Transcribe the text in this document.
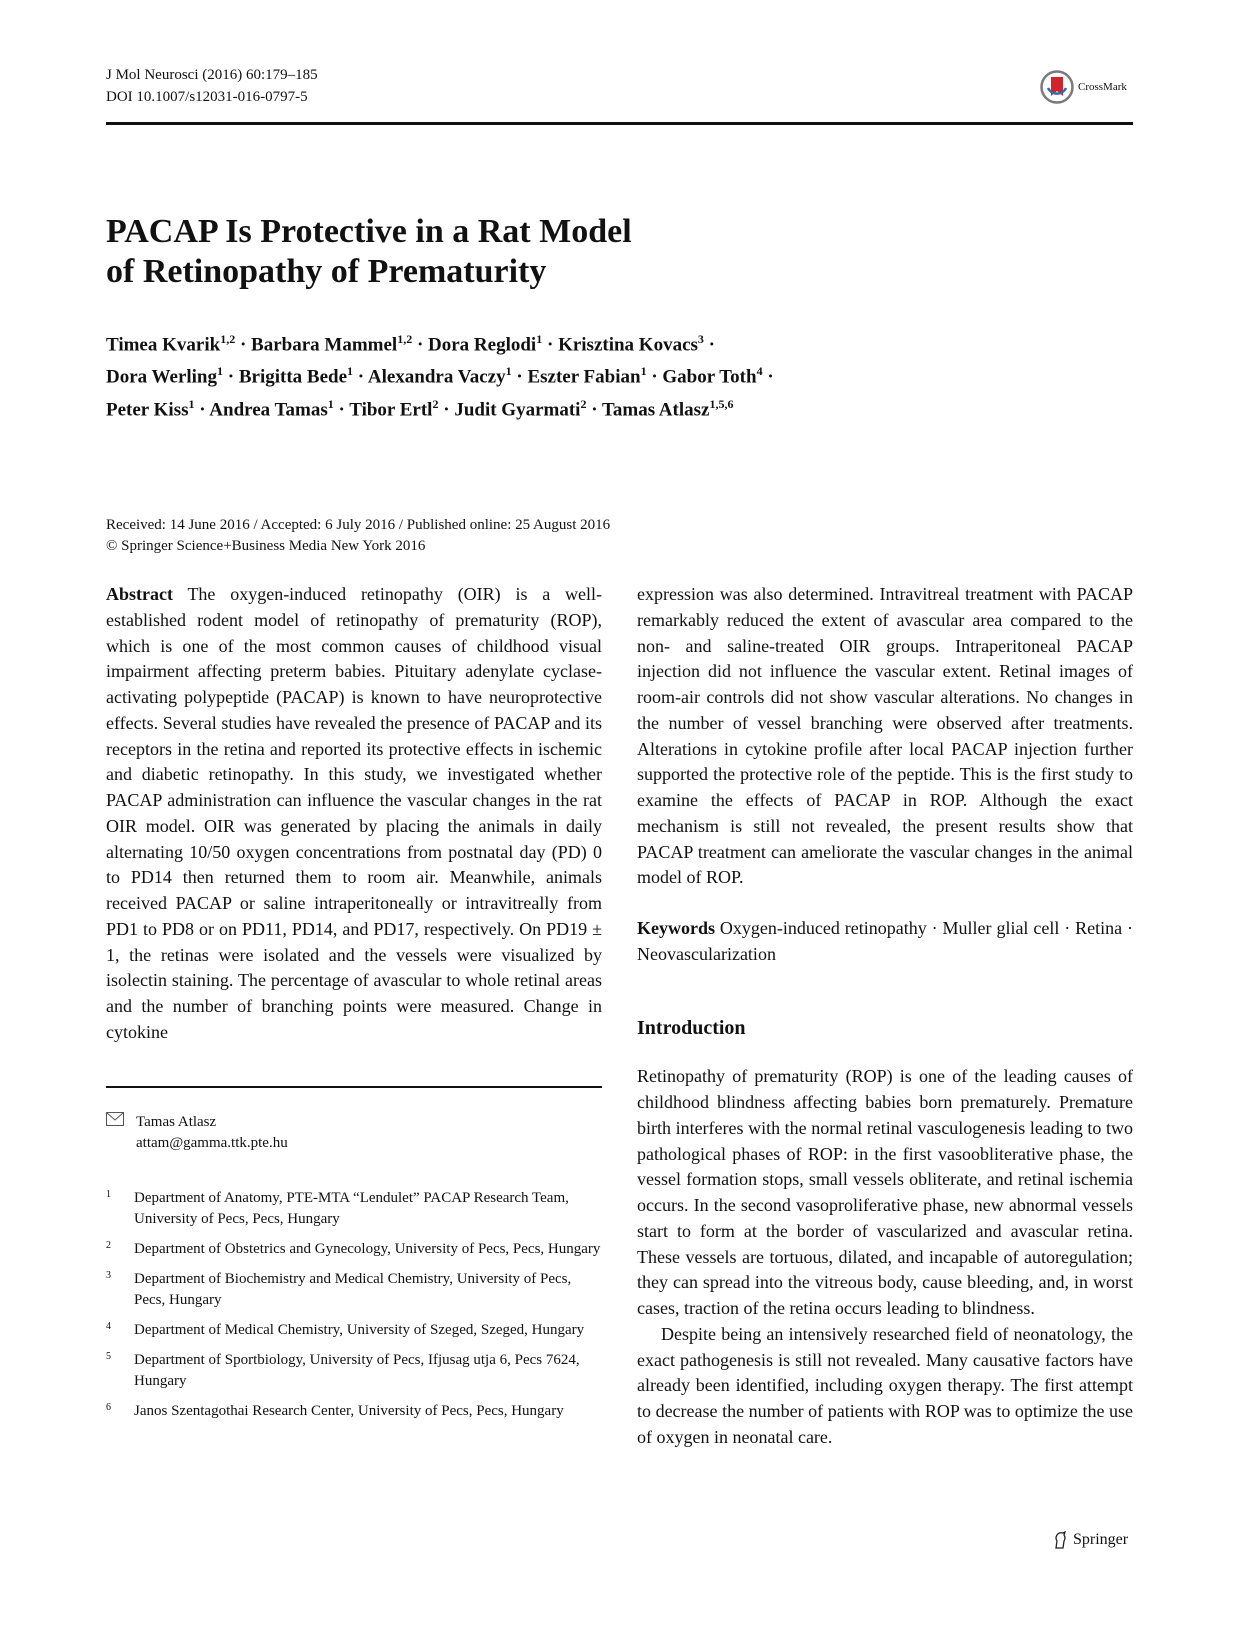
J Mol Neurosci (2016) 60:179–185
DOI 10.1007/s12031-016-0797-5
CrossMark
PACAP Is Protective in a Rat Model
of Retinopathy of Prematurity
Timea Kvarik$^{1,2}$ · Barbara Mammel$^{1,2}$ · Dora Reglodi$^1$ · Krisztina Kovacs$^3$ ·
Dora Werling$^1$ · Brigitta Bede$^1$ · Alexandra Vaczy$^1$ · Eszter Fabian$^1$ · Gabor Toth$^4$ ·
Peter Kiss$^1$ · Andrea Tamas$^1$ · Tibor Ertl$^2$ · Judit Gyarmati$^2$ · Tamas Atlasz$^{1,5,6}$
Received: 14 June 2016 / Accepted: 6 July 2016 / Published online: 25 August 2016
© Springer Science+Business Media New York 2016

Abstract The oxygen-induced retinopathy (OIR) is a well-established rodent model of retinopathy of prematurity (ROP), which is one of the most common causes of childhood visual impairment affecting preterm babies. Pituitary adenylate cyclase-activating polypeptide (PACAP) is known to have neuroprotective effects. Several studies have revealed the presence of PACAP and its receptors in the retina and reported its protective effects in ischemic and diabetic retinopathy. In this study, we investigated whether PACAP administration can influence the vascular changes in the rat OIR model. OIR was generated by placing the animals in daily alternating 10/50 oxygen concentrations from postnatal day (PD) 0 to PD14 then returned them to room air. Meanwhile, animals received PACAP or saline intraperitoneally or intravitreally from PD1 to PD8 or on PD11, PD14, and PD17, respectively. On PD19 ± 1, the retinas were isolated and the vessels were visualized by isolectin staining. The percentage of avascular to whole retinal areas and the number of branching points were measured. Change in cytokine

expression was also determined. Intravitreal treatment with PACAP remarkably reduced the extent of avascular area compared to the non- and saline-treated OIR groups. Intraperitoneal PACAP injection did not influence the vascular extent. Retinal images of room-air controls did not show vascular alterations. No changes in the number of vessel branching were observed after treatments. Alterations in cytokine profile after local PACAP injection further supported the protective role of the peptide. This is the first study to examine the effects of PACAP in ROP. Although the exact mechanism is still not revealed, the present results show that PACAP treatment can ameliorate the vascular changes in the animal model of ROP.

Keywords Oxygen-induced retinopathy · Muller glial cell · Retina · Neovascularization

Introduction

Retinopathy of prematurity (ROP) is one of the leading causes of childhood blindness affecting babies born prematurely. Premature birth interferes with the normal retinal vasculogenesis leading to two pathological phases of ROP: in the first vasoobliterative phase, the vessel formation stops, small vessels obliterate, and retinal ischemia occurs. In the second vasoproliferative phase, new abnormal vessels start to form at the border of vascularized and avascular retina. These vessels are tortuous, dilated, and incapable of autoregulation; they can spread into the vitreous body, cause bleeding, and, in worst cases, traction of the retina occurs leading to blindness.

Despite being an intensively researched field of neonatology, the exact pathogenesis is still not revealed. Many causative factors have already been identified, including oxygen therapy. The first attempt to decrease the number of patients with ROP was to optimize the use of oxygen in neonatal care.

Tamas Atlasz
attam@gamma.ttk.pte.hu
1	Department of Anatomy, PTE-MTA “Lendulet” PACAP Research Team, University of Pecs, Pecs, Hungary
2	Department of Obstetrics and Gynecology, University of Pecs, Pecs, Hungary
3	Department of Biochemistry and Medical Chemistry, University of Pecs, Pecs, Hungary
4	Department of Medical Chemistry, University of Szeged, Szeged, Hungary
5	Department of Sportbiology, University of Pecs, Ifjusag utja 6, Pecs 7624, Hungary
6	Janos Szentagothai Research Center, University of Pecs, Pecs, Hungary
Springer
